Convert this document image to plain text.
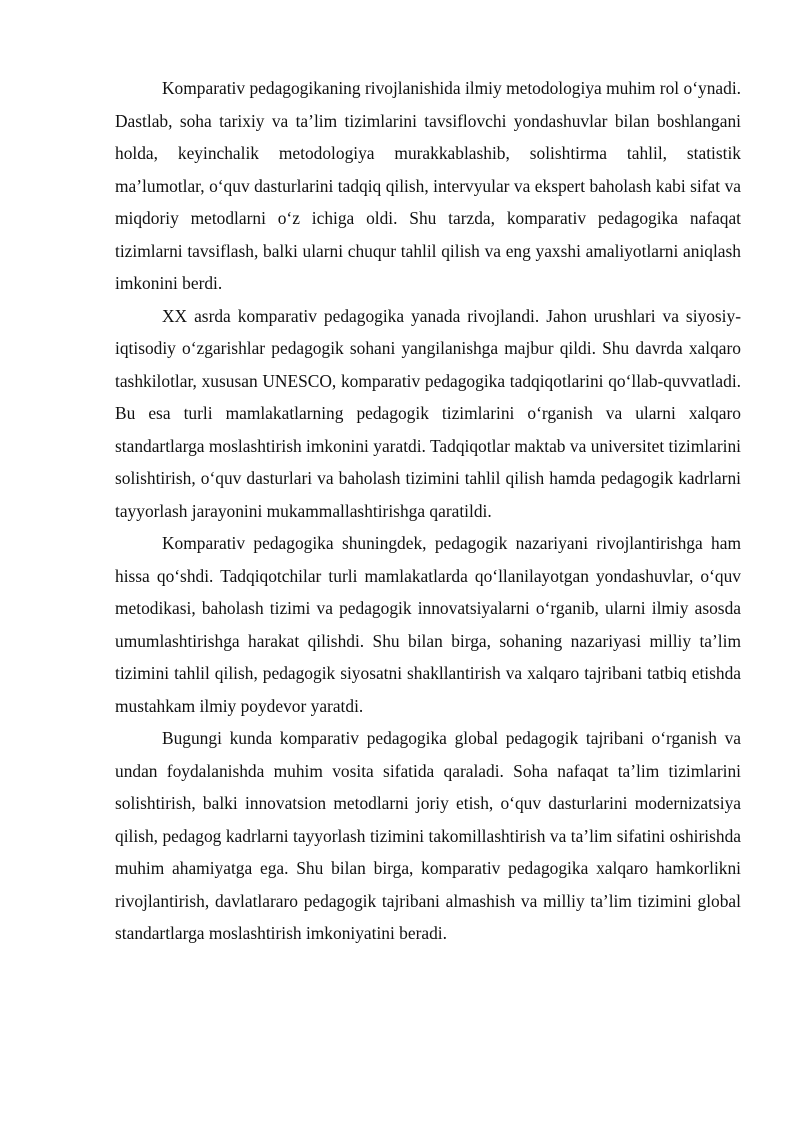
Komparativ pedagogikaning rivojlanishida ilmiy metodologiya muhim rol oʻynadi. Dastlab, soha tarixiy va taʼlim tizimlarini tavsiflovchi yondashuvlar bilan boshlangani holda, keyinchalik metodologiya murakkablashib, solishtirma tahlil, statistik maʼlumotlar, oʻquv dasturlarini tadqiq qilish, intervyular va ekspert baholash kabi sifat va miqdoriy metodlarni oʻz ichiga oldi. Shu tarzda, komparativ pedagogika nafaqat tizimlarni tavsiflash, balki ularni chuqur tahlil qilish va eng yaxshi amaliyotlarni aniqlash imkonini berdi.

XX asrda komparativ pedagogika yanada rivojlandi. Jahon urushlari va siyosiy-iqtisodiy oʻzgarishlar pedagogik sohani yangilanishga majbur qildi. Shu davrda xalqaro tashkilotlar, xususan UNESCO, komparativ pedagogika tadqiqotlarini qoʻllab-quvvatladi. Bu esa turli mamlakatlarning pedagogik tizimlarini oʻrganish va ularni xalqaro standartlarga moslashtirish imkonini yaratdi. Tadqiqotlar maktab va universitet tizimlarini solishtirish, oʻquv dasturlari va baholash tizimini tahlil qilish hamda pedagogik kadrlarni tayyorlash jarayonini mukammallashtirishga qaratildi.

Komparativ pedagogika shuningdek, pedagogik nazariyani rivojlantirishga ham hissa qoʻshdi. Tadqiqotchilar turli mamlakatlarda qoʻllanilayotgan yondashuvlar, oʻquv metodikasi, baholash tizimi va pedagogik innovatsiyalarni oʻrganib, ularni ilmiy asosda umumlashtirishga harakat qilishdi. Shu bilan birga, sohaning nazariyasi milliy taʼlim tizimini tahlil qilish, pedagogik siyosatni shakllantirish va xalqaro tajribani tatbiq etishda mustahkam ilmiy poydevor yaratdi.

Bugungi kunda komparativ pedagogika global pedagogik tajribani oʻrganish va undan foydalanishda muhim vosita sifatida qaraladi. Soha nafaqat taʼlim tizimlarini solishtirish, balki innovatsion metodlarni joriy etish, oʻquv dasturlarini modernizatsiya qilish, pedagog kadrlarni tayyorlash tizimini takomillashtirish va taʼlim sifatini oshirishda muhim ahamiyatga ega. Shu bilan birga, komparativ pedagogika xalqaro hamkorlikni rivojlantirish, davlatlararo pedagogik tajribani almashish va milliy taʼlim tizimini global standartlarga moslashtirish imkoniyatini beradi.
